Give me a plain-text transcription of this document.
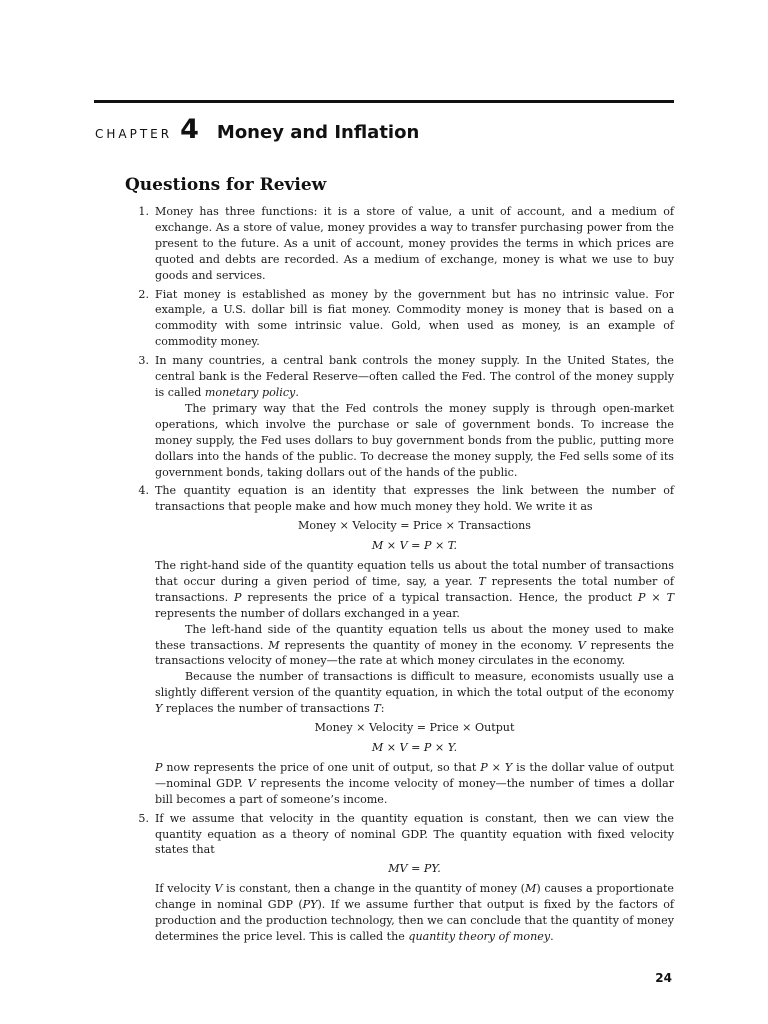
CHAPTER 4 Money and Inflation
Questions for Review
1. Money has three functions: it is a store of value, a unit of account, and a medium of exchange. As a store of value, money provides a way to transfer purchasing power from the present to the future. As a unit of account, money provides the terms in which prices are quoted and debts are recorded. As a medium of exchange, money is what we use to buy goods and services.

2. Fiat money is established as money by the government but has no intrinsic value. For example, a U.S. dollar bill is fiat money. Commodity money is money that is based on a commodity with some intrinsic value. Gold, when used as money, is an example of commodity money.

3. In many countries, a central bank controls the money supply. In the United States, the central bank is the Federal Reserve—often called the Fed. The control of the money supply is called monetary policy.

The primary way that the Fed controls the money supply is through open-market operations, which involve the purchase or sale of government bonds. To increase the money supply, the Fed uses dollars to buy government bonds from the public, putting more dollars into the hands of the public. To decrease the money supply, the Fed sells some of its government bonds, taking dollars out of the hands of the public.

4. The quantity equation is an identity that expresses the link between the number of transactions that people make and how much money they hold. We write it as

Money × Velocity = Price × Transactions
M × V = P × T.

The right-hand side of the quantity equation tells us about the total number of transactions that occur during a given period of time, say, a year. T represents the total number of transactions. P represents the price of a typical transaction. Hence, the product P × T represents the number of dollars exchanged in a year.

The left-hand side of the quantity equation tells us about the money used to make these transactions. M represents the quantity of money in the economy. V represents the transactions velocity of money—the rate at which money circulates in the economy.

Because the number of transactions is difficult to measure, economists usually use a slightly different version of the quantity equation, in which the total output of the economy Y replaces the number of transactions T:

Money × Velocity = Price × Output
M × V = P × Y.

P now represents the price of one unit of output, so that P × Y is the dollar value of output—nominal GDP. V represents the income velocity of money—the number of times a dollar bill becomes a part of someone’s income.

5. If we assume that velocity in the quantity equation is constant, then we can view the quantity equation as a theory of nominal GDP. The quantity equation with fixed velocity states that

MV = PY.

If velocity V is constant, then a change in the quantity of money (M) causes a proportionate change in nominal GDP (PY). If we assume further that output is fixed by the factors of production and the production technology, then we can conclude that the quantity of money determines the price level. This is called the quantity theory of money.

24
